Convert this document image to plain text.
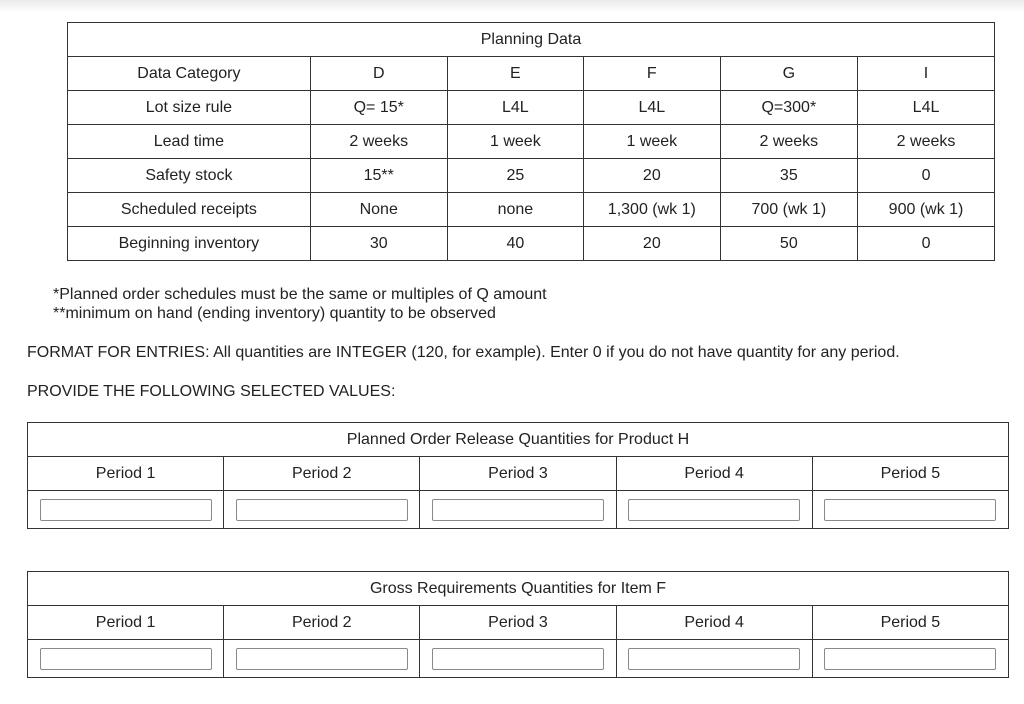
Planning Data					
Data Category	D	E	F	G	I
Lot size rule	Q= 15*	L4L	L4L	Q=300*	L4L
Lead time	2 weeks	1 week	1 week	2 weeks	2 weeks
Safety stock	15**	25	20	35	0
Scheduled receipts	None	none	1,300 (wk 1)	700 (wk 1)	900 (wk 1)
Beginning inventory	30	40	20	50	0
*Planned order schedules must be the same or multiples of Q amount
**minimum on hand (ending inventory) quantity to be observed
FORMAT FOR ENTRIES: All quantities are INTEGER (120, for example). Enter 0 if you do not have quantity for any period.
PROVIDE THE FOLLOWING SELECTED VALUES:
Planned Order Release Quantities for Product H				
Period 1	Period 2	Period 3	Period 4	Period 5

Gross Requirements Quantities for Item F				
Period 1	Period 2	Period 3	Period 4	Period 5
